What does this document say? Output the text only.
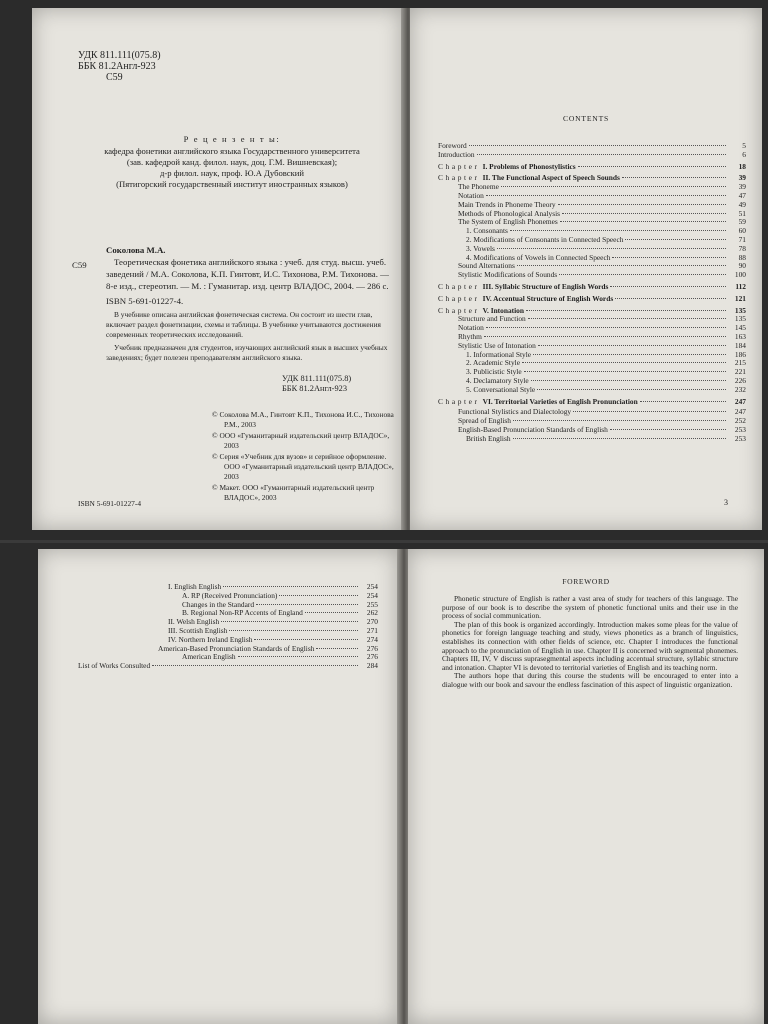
УДК 811.111(075.8)
ББК 81.2Англ-923
С59
Р е ц е н з е н т ы:
кафедра фонетики английского языка Государственного университета
(зав. кафедрой канд. филол. наук, доц. Г.М. Вишневская);
д-р филол. наук, проф. Ю.А Дубовский
(Пятигорский государственный институт иностранных языков)
С59
Соколова М.А.
Теоретическая фонетика английского языка : учеб. для студ. высш. учеб. заведений / М.А. Соколова, К.П. Гинтовт, И.С. Тихонова, Р.М. Тихонова. — 8-е изд., стереотип. — М. : Гуманитар. изд. центр ВЛАДОС, 2004. — 286 с.
ISBN 5-691-01227-4.
В учебнике описана английская фонетическая система. Он состоит из шести глав, включает раздел фонетизации, схемы и таблицы. В учебнике учитываются достижения современных теоретических исследований.
Учебник предназначен для студентов, изучающих английский язык в высших учебных заведениях; будет полезен преподавателям английского языка.
УДК 811.111(075.8)
ББК 81.2Англ-923
© Соколова М.А., Гинтовт К.П., Тихонова И.С., Тихонова Р.М., 2003
© ООО «Гуманитарный издательский центр ВЛАДОС», 2003
© Серия «Учебник для вузов» и серийное оформление. ООО «Гуманитарный издательский центр ВЛАДОС», 2003
© Макет. ООО «Гуманитарный издательский центр ВЛАДОС», 2003
ISBN 5-691-01227-4
CONTENTS
Foreword	5
Introduction	6
Chapter I. Problems of Phonostylistics	18
Chapter II. The Functional Aspect of Speech Sounds	39
The Phoneme	39
Notation	47
Main Trends in Phoneme Theory	49
Methods of Phonological Analysis	51
The System of English Phonemes	59
1. Consonants	60
2. Modifications of Consonants in Connected Speech	71
3. Vowels	78
4. Modifications of Vowels in Connected Speech	88
Sound Alternations	90
Stylistic Modifications of Sounds	100
Chapter III. Syllabic Structure of English Words	112
Chapter IV. Accentual Structure of English Words	121
Chapter V. Intonation	135
Structure and Function	135
Notation	145
Rhythm	163
Stylistic Use of Intonation	184
1. Informational Style	186
2. Academic Style	215
3. Publicistic Style	221
4. Declamatory Style	226
5. Conversational Style	232
Chapter VI. Territorial Varieties of English Pronunciation	247
Functional Stylistics and Dialectology	247
Spread of English	252
English-Based Pronunciation Standards of English	253
British English	253
3
I. English English	254
A. RP (Received Pronunciation)	254
Changes in the Standard	255
B. Regional Non-RP Accents of England	262
II. Welsh English	270
III. Scottish English	271
IV. Northern Ireland English	274
American-Based Pronunciation Standards of English	276
American English	276
List of Works Consulted	284
FOREWORD

Phonetic structure of English is rather a vast area of study for teachers of this language. The purpose of our book is to describe the system of phonetic functional units and their use in the process of social communication.

The plan of this book is organized accordingly. Introduction makes some pleas for the value of phonetics for foreign language teaching and study, views phonetics as a branch of linguistics, establishes its connection with other fields of science, etc. Chapter I introduces the functional approach to the pronunciation of English in use. Chapter II is concerned with segmental phonemes. Chapters III, IV, V discuss suprasegmental aspects including accentual structure, syllabic structure and intonation. Chapter VI is devoted to territorial varieties of English and its teaching norm.

The authors hope that during this course the students will be encouraged to enter into a dialogue with our book and savour the endless fascination of this aspect of linguistic organization.
